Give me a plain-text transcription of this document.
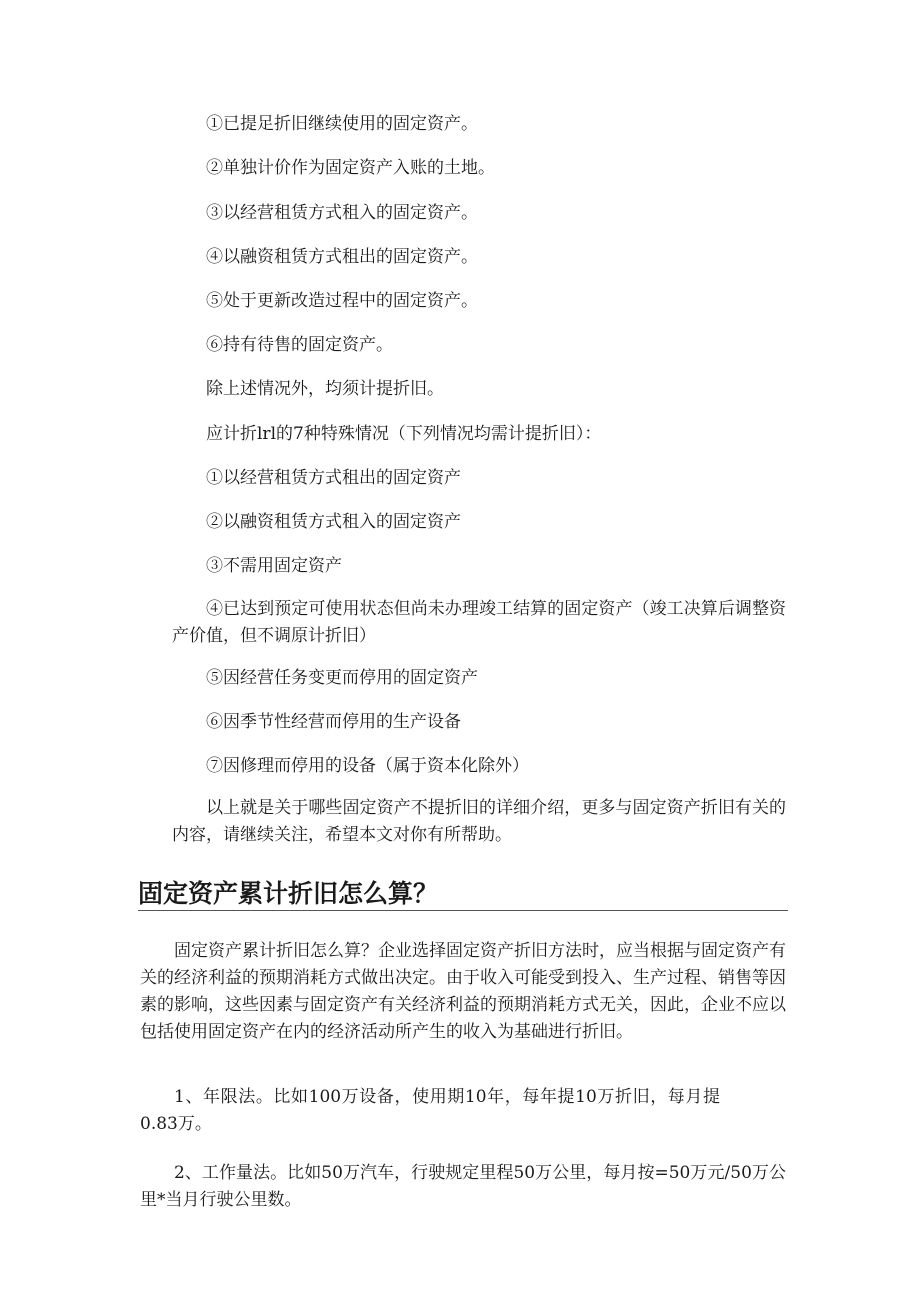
①已提足折旧继续使用的固定资产。

②单独计价作为固定资产入账的土地。

③以经营租赁方式租入的固定资产。

④以融资租赁方式租出的固定资产。

⑤处于更新改造过程中的固定资产。

⑥持有待售的固定资产。

除上述情况外，均须计提折旧。

应计折lrl的7种特殊情况（下列情况均需计提折旧）：

①以经营租赁方式租出的固定资产

②以融资租赁方式租入的固定资产

③不需用固定资产

④已达到预定可使用状态但尚未办理竣工结算的固定资产（竣工决算后调整资产价值，但不调原计折旧）

⑤因经营任务变更而停用的固定资产

⑥因季节性经营而停用的生产设备

⑦因修理而停用的设备（属于资本化除外）

以上就是关于哪些固定资产不提折旧的详细介绍，更多与固定资产折旧有关的内容，请继续关注，希望本文对你有所帮助。

固定资产累计折旧怎么算？

固定资产累计折旧怎么算？企业选择固定资产折旧方法时，应当根据与固定资产有关的经济利益的预期消耗方式做出决定。由于收入可能受到投入、生产过程、销售等因素的影响，这些因素与固定资产有关经济利益的预期消耗方式无关，因此，企业不应以包括使用固定资产在内的经济活动所产生的收入为基础进行折旧。

1、年限法。比如100万设备，使用期10年，每年提10万折旧，每月提0.83万。

2、工作量法。比如50万汽车，行驶规定里程50万公里，每月按=50万元/50万公里*当月行驶公里数。
